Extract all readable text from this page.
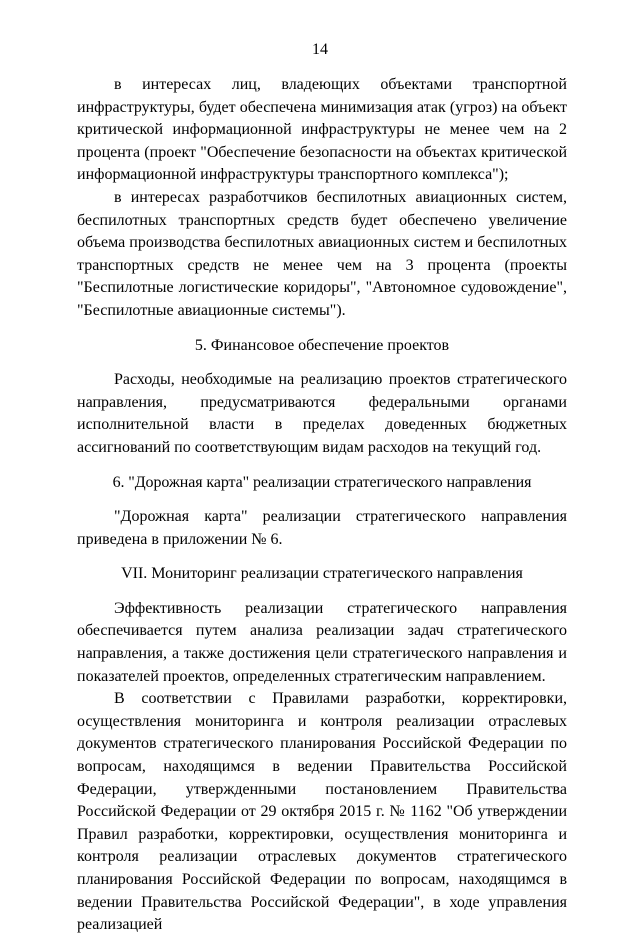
14

в интересах лиц, владеющих объектами транспортной инфраструктуры, будет обеспечена минимизация атак (угроз) на объект критической информационной инфраструктуры не менее чем на 2 процента (проект "Обеспечение безопасности на объектах критической информационной инфраструктуры транспортного комплекса");

в интересах разработчиков беспилотных авиационных систем, беспилотных транспортных средств будет обеспечено увеличение объема производства беспилотных авиационных систем и беспилотных транспортных средств не менее чем на 3 процента (проекты "Беспилотные логистические коридоры", "Автономное судовождение", "Беспилотные авиационные системы").

5. Финансовое обеспечение проектов

Расходы, необходимые на реализацию проектов стратегического направления, предусматриваются федеральными органами исполнительной власти в пределах доведенных бюджетных ассигнований по соответствующим видам расходов на текущий год.

6. "Дорожная карта" реализации стратегического направления

"Дорожная карта" реализации стратегического направления приведена в приложении № 6.

VII. Мониторинг реализации стратегического направления

Эффективность реализации стратегического направления обеспечивается путем анализа реализации задач стратегического направления, а также достижения цели стратегического направления и показателей проектов, определенных стратегическим направлением.

В соответствии с Правилами разработки, корректировки, осуществления мониторинга и контроля реализации отраслевых документов стратегического планирования Российской Федерации по вопросам, находящимся в ведении Правительства Российской Федерации, утвержденными постановлением Правительства Российской Федерации от 29 октября 2015 г. № 1162 "Об утверждении Правил разработки, корректировки, осуществления мониторинга и контроля реализации отраслевых документов стратегического планирования Российской Федерации по вопросам, находящимся в ведении Правительства Российской Федерации", в ходе управления реализацией
